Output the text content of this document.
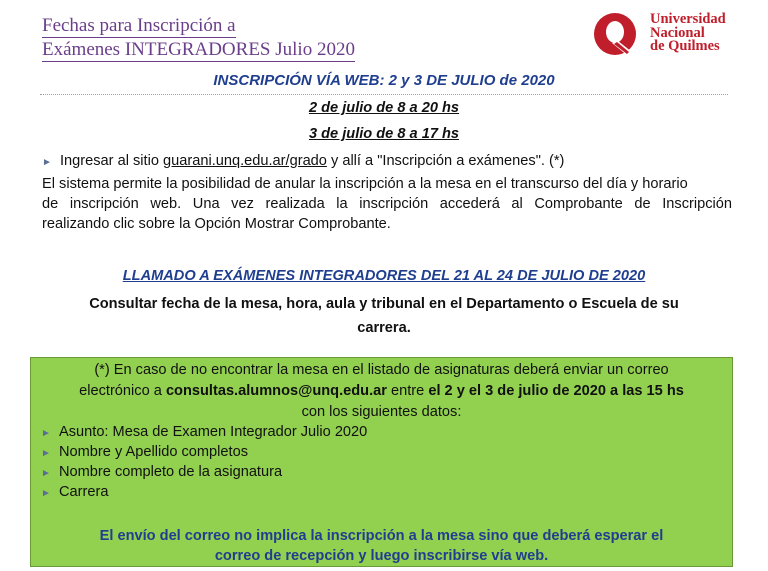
Fechas para Inscripción a
Exámenes INTEGRADORES Julio 2020
Universidad
Nacional
de Quilmes
INSCRIPCIÓN VÍA WEB: 2 y 3 DE JULIO de 2020
2 de julio de 8 a 20 hs
3 de julio de 8 a 17 hs
► Ingresar al sitio guarani.unq.edu.ar/grado y allí a "Inscripción a exámenes". (*)
El sistema permite la posibilidad de anular la inscripción a la mesa en el transcurso del día y horario
de inscripción web. Una vez realizada la inscripción accederá al Comprobante de Inscripción
realizando clic sobre la Opción Mostrar Comprobante.
LLAMADO A EXÁMENES INTEGRADORES DEL 21 AL 24 DE JULIO DE 2020
Consultar fecha de la mesa, hora, aula y tribunal en el Departamento o Escuela de su
carrera.
(*) En caso de no encontrar la mesa en el listado de asignaturas deberá enviar un correo
electrónico a consultas.alumnos@unq.edu.ar entre el 2 y el 3 de julio de 2020 a las 15 hs
con los siguientes datos:
► Asunto: Mesa de Examen Integrador Julio 2020
► Nombre y Apellido completos
► Nombre completo de la asignatura
► Carrera
El envío del correo no implica la inscripción a la mesa sino que deberá esperar el
correo de recepción y luego inscribirse vía web.
